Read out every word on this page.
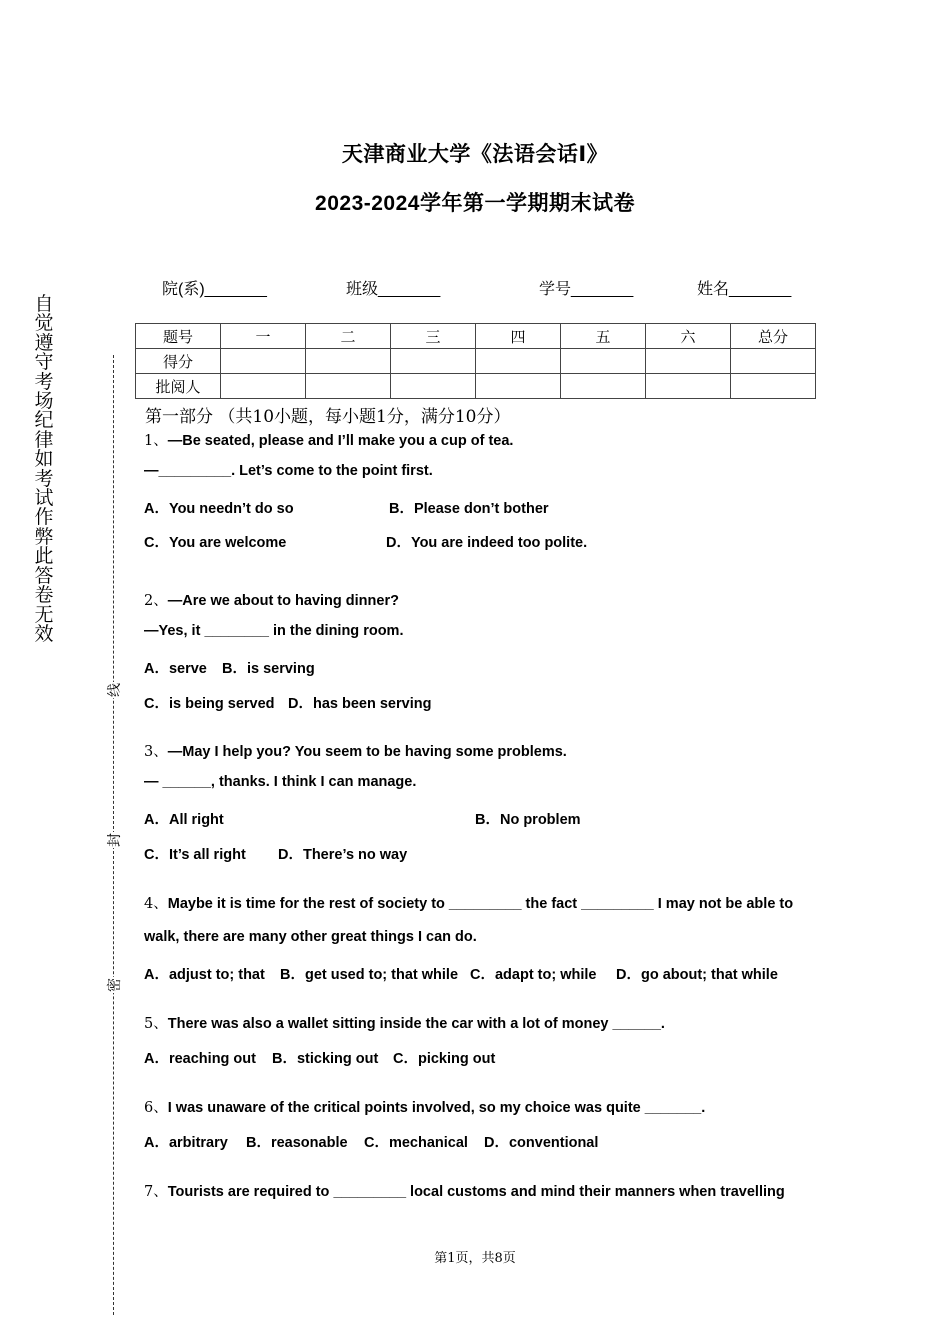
自觉遵守考场纪律如考试作弊此答卷无效
线
封
密
天津商业大学《法语会话Ⅰ》
2023-2024学年第一学期期末试卷
院(系)_______	班级_______	学号_______	姓名_______
题号	一	二	三	四	五	六	总分
得分							
批阅人							
第一部分 （共10小题，每小题1分，满分10分）
1、—Be seated, please and I’ll make you a cup of tea.
—_________. Let’s come to the point first.
A．You needn’t do so	B．Please don’t bother
C．You are welcome	D．You are indeed too polite.
2、—Are we about to having dinner?
—Yes, it ________ in the dining room.
A．serve B．is serving
C．is being served D．has been serving
3、—May I help you? You seem to be having some problems.
— ______, thanks. I think I can manage.
A．All right	B．No problem
C．It’s all right D．There’s no way
4、Maybe it is time for the rest of society to _________ the fact _________ I may not be able to
walk, there are many other great things I can do.
A．adjust to; that B．get used to; that while C．adapt to; while D．go about; that while
5、There was also a wallet sitting inside the car with a lot of money ______.
A．reaching out B．sticking out C．picking out
6、I was unaware of the critical points involved, so my choice was quite _______.
A．arbitrary B．reasonable C．mechanical D．conventional
7、Tourists are required to _________ local customs and mind their manners when travelling
第1页，共8页
